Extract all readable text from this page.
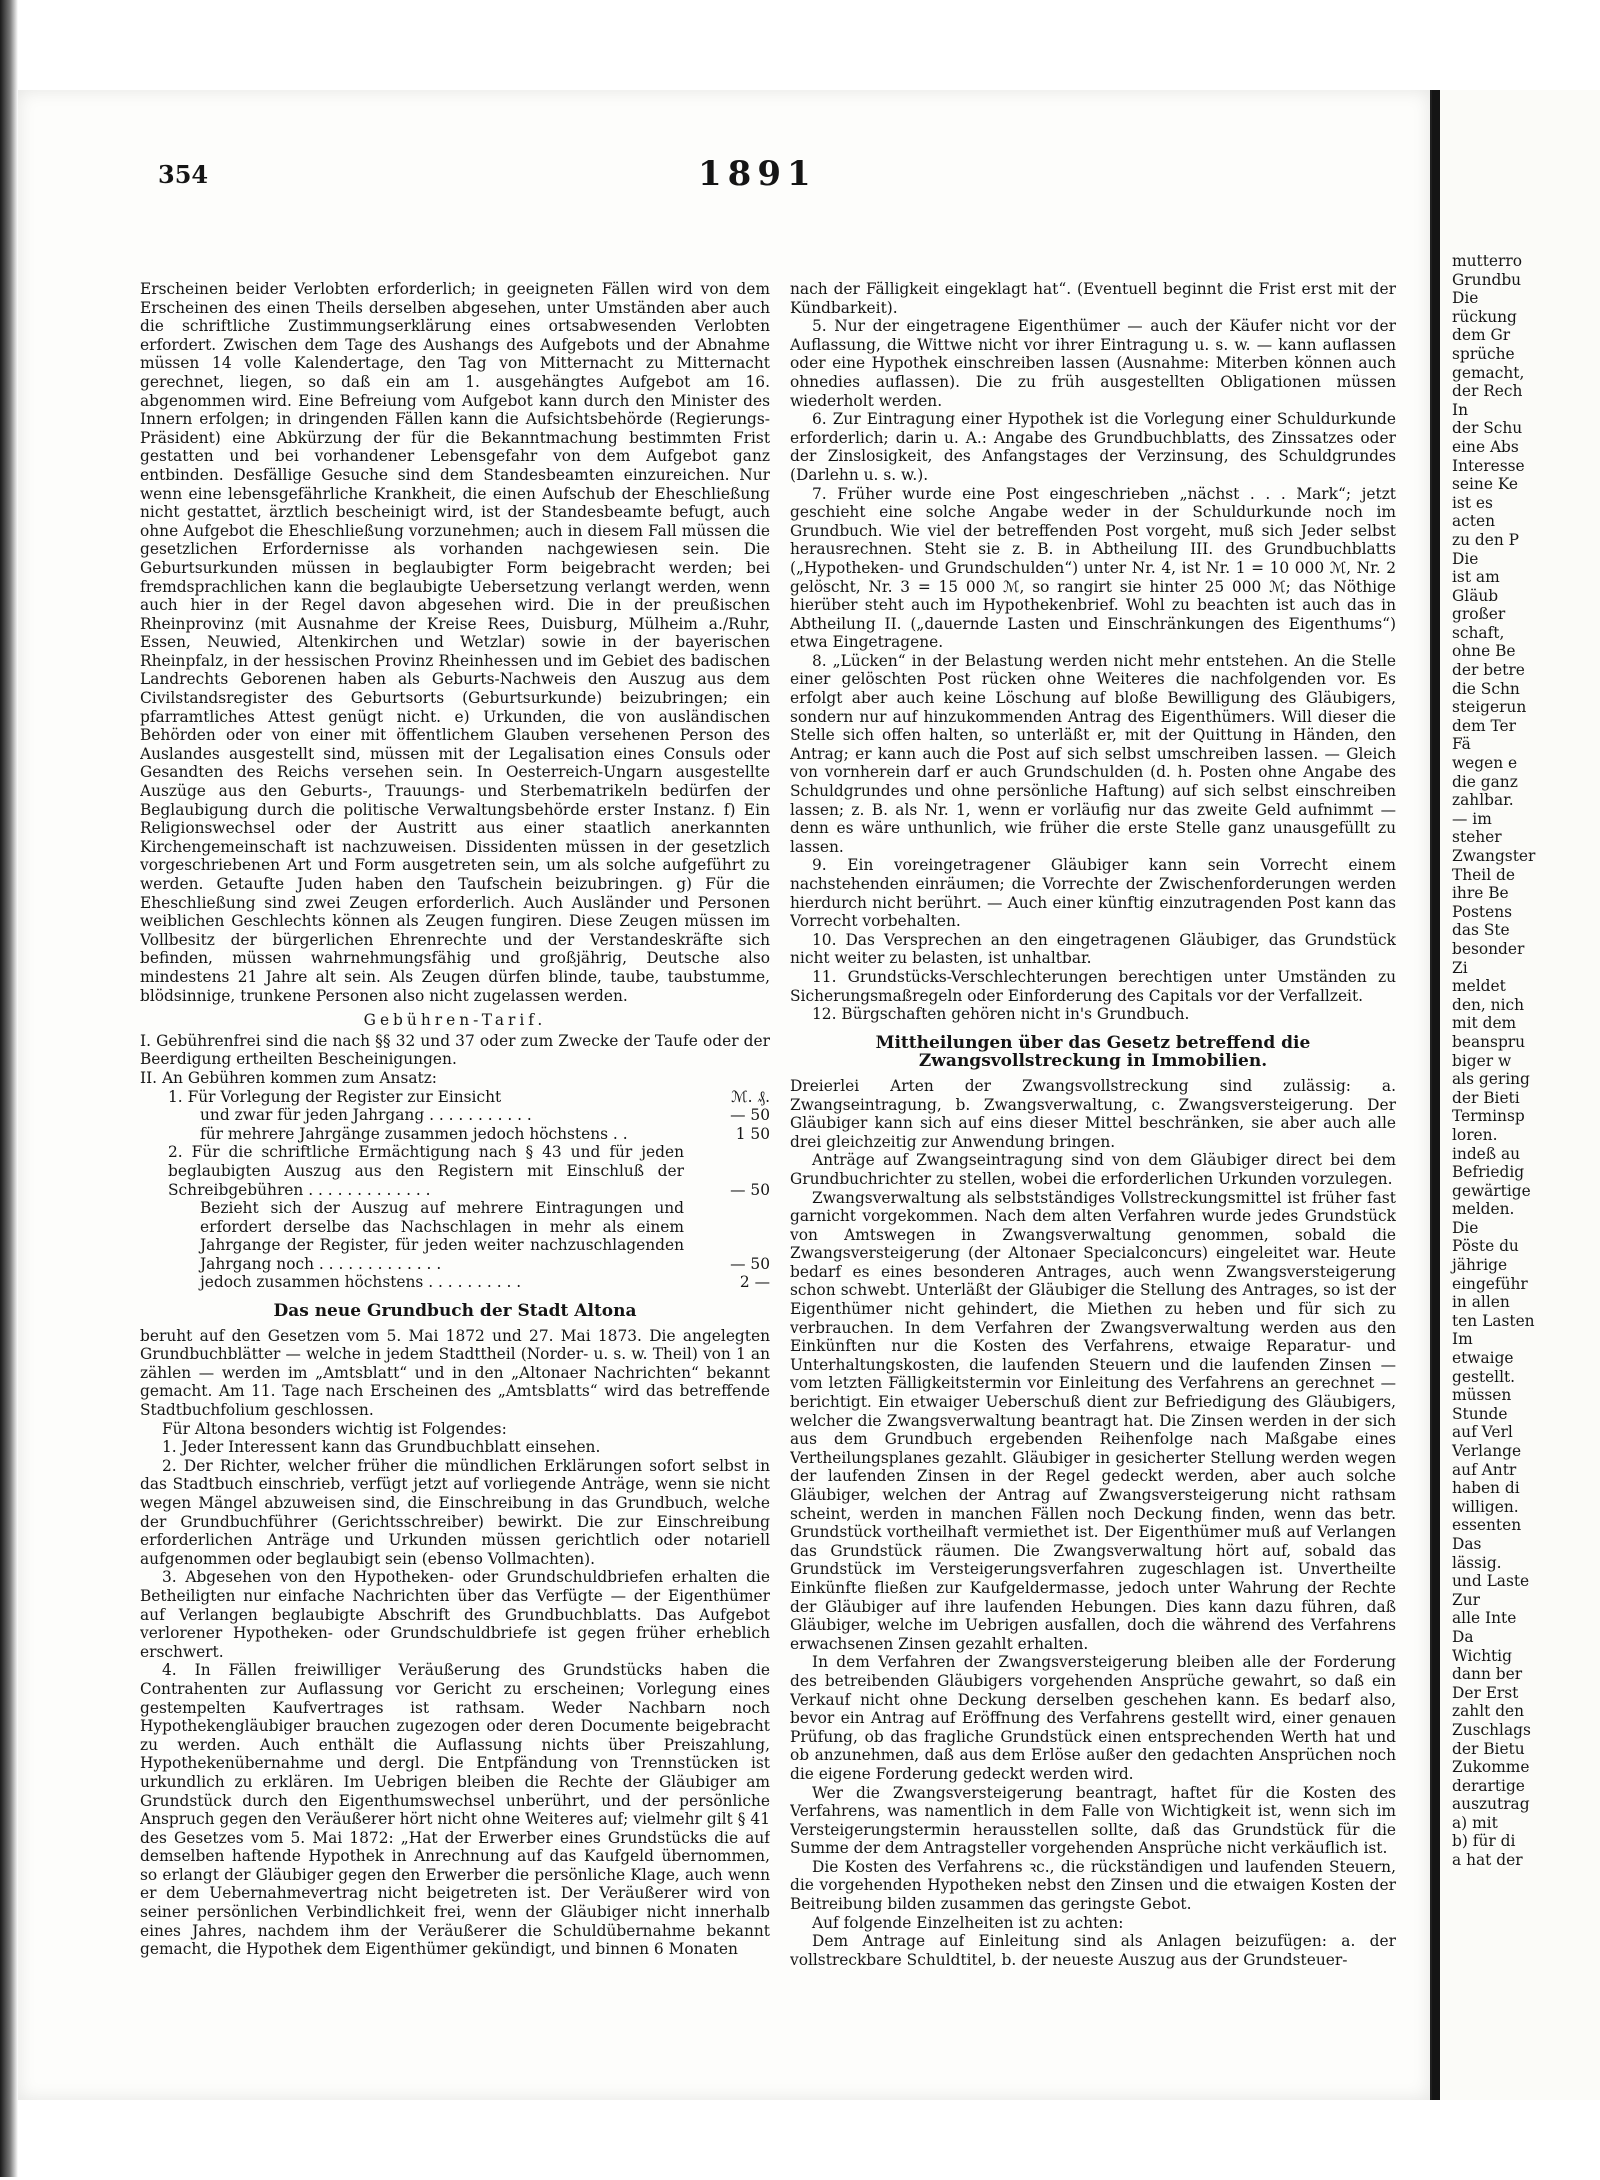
354	1891

Erscheinen beider Verlobten erforderlich; in geeigneten Fällen wird von dem Erscheinen des einen Theils derselben abgesehen, unter Umständen aber auch die schriftliche Zustimmungserklärung eines ortsabwesenden Verlobten erfordert. Zwischen dem Tage des Aushangs des Aufgebots und der Abnahme müssen 14 volle Kalendertage, den Tag von Mitternacht zu Mitternacht gerechnet, liegen, so daß ein am 1. ausgehängtes Aufgebot am 16. abgenommen wird. Eine Befreiung vom Aufgebot kann durch den Minister des Innern erfolgen; in dringenden Fällen kann die Aufsichtsbehörde (Regierungs-Präsident) eine Abkürzung der für die Bekanntmachung bestimmten Frist gestatten und bei vorhandener Lebensgefahr von dem Aufgebot ganz entbinden. Desfällige Gesuche sind dem Standesbeamten einzureichen. Nur wenn eine lebensgefährliche Krankheit, die einen Aufschub der Eheschließung nicht gestattet, ärztlich bescheinigt wird, ist der Standesbeamte befugt, auch ohne Aufgebot die Eheschließung vorzunehmen; auch in diesem Fall müssen die gesetzlichen Erfordernisse als vorhanden nachgewiesen sein. Die Geburtsurkunden müssen in beglaubigter Form beigebracht werden; bei fremdsprachlichen kann die beglaubigte Uebersetzung verlangt werden, wenn auch hier in der Regel davon abgesehen wird. Die in der preußischen Rheinprovinz (mit Ausnahme der Kreise Rees, Duisburg, Mülheim a./Ruhr, Essen, Neuwied, Altenkirchen und Wetzlar) sowie in der bayerischen Rheinpfalz, in der hessischen Provinz Rheinhessen und im Gebiet des badischen Landrechts Geborenen haben als Geburts-Nachweis den Auszug aus dem Civilstandsregister des Geburtsorts (Geburtsurkunde) beizubringen; ein pfarramtliches Attest genügt nicht. e) Urkunden, die von ausländischen Behörden oder von einer mit öffentlichem Glauben versehenen Person des Auslandes ausgestellt sind, müssen mit der Legalisation eines Consuls oder Gesandten des Reichs versehen sein. In Oesterreich-Ungarn ausgestellte Auszüge aus den Geburts-, Trauungs- und Sterbematrikeln bedürfen der Beglaubigung durch die politische Verwaltungsbehörde erster Instanz. f) Ein Religionswechsel oder der Austritt aus einer staatlich anerkannten Kirchengemeinschaft ist nachzuweisen. Dissidenten müssen in der gesetzlich vorgeschriebenen Art und Form ausgetreten sein, um als solche aufgeführt zu werden. Getaufte Juden haben den Taufschein beizubringen. g) Für die Eheschließung sind zwei Zeugen erforderlich. Auch Ausländer und Personen weiblichen Geschlechts können als Zeugen fungiren. Diese Zeugen müssen im Vollbesitz der bürgerlichen Ehrenrechte und der Verstandeskräfte sich befinden, müssen wahrnehmungsfähig und großjährig, Deutsche also mindestens 21 Jahre alt sein. Als Zeugen dürfen blinde, taube, taubstumme, blödsinnige, trunkene Personen also nicht zugelassen werden.

Gebühren-Tarif.

I. Gebührenfrei sind die nach §§ 32 und 37 oder zum Zwecke der Taufe oder der Beerdigung ertheilten Bescheinigungen.

II. An Gebühren kommen zum Ansatz:

1. Für Vorlegung der Register zur Einsicht	ℳ. ₰.
und zwar für jeden Jahrgang . . . . . . . . . . .	— 50
für mehrere Jahrgänge zusammen jedoch höchstens . .	1 50
2. Für die schriftliche Ermächtigung nach § 43 und für jeden beglaubigten Auszug aus den Registern mit Einschluß der Schreibgebühren . . . . . . . . . . . . .	— 50
Bezieht sich der Auszug auf mehrere Eintragungen und erfordert derselbe das Nachschlagen in mehr als einem Jahrgange der Register, für jeden weiter nachzuschlagenden Jahrgang noch . . . . . . . . . . . . .	— 50
jedoch zusammen höchstens . . . . . . . . . .	2 —
Das neue Grundbuch der Stadt Altona

beruht auf den Gesetzen vom 5. Mai 1872 und 27. Mai 1873. Die angelegten Grundbuchblätter — welche in jedem Stadttheil (Norder- u. s. w. Theil) von 1 an zählen — werden im „Amtsblatt“ und in den „Altonaer Nachrichten“ bekannt gemacht. Am 11. Tage nach Erscheinen des „Amtsblatts“ wird das betreffende Stadtbuchfolium geschlossen.

Für Altona besonders wichtig ist Folgendes:

1. Jeder Interessent kann das Grundbuchblatt einsehen.

2. Der Richter, welcher früher die mündlichen Erklärungen sofort selbst in das Stadtbuch einschrieb, verfügt jetzt auf vorliegende Anträge, wenn sie nicht wegen Mängel abzuweisen sind, die Einschreibung in das Grundbuch, welche der Grundbuchführer (Gerichtsschreiber) bewirkt. Die zur Einschreibung erforderlichen Anträge und Urkunden müssen gerichtlich oder notariell aufgenommen oder beglaubigt sein (ebenso Vollmachten).

3. Abgesehen von den Hypotheken- oder Grundschuldbriefen erhalten die Betheiligten nur einfache Nachrichten über das Verfügte — der Eigenthümer auf Verlangen beglaubigte Abschrift des Grundbuchblatts. Das Aufgebot verlorener Hypotheken- oder Grundschuldbriefe ist gegen früher erheblich erschwert.

4. In Fällen freiwilliger Veräußerung des Grundstücks haben die Contrahenten zur Auflassung vor Gericht zu erscheinen; Vorlegung eines gestempelten Kaufvertrages ist rathsam. Weder Nachbarn noch Hypothekengläubiger brauchen zugezogen oder deren Documente beigebracht zu werden. Auch enthält die Auflassung nichts über Preiszahlung, Hypothekenübernahme und dergl. Die Entpfändung von Trennstücken ist urkundlich zu erklären. Im Uebrigen bleiben die Rechte der Gläubiger am Grundstück durch den Eigenthumswechsel unberührt, und der persönliche Anspruch gegen den Veräußerer hört nicht ohne Weiteres auf; vielmehr gilt § 41 des Gesetzes vom 5. Mai 1872: „Hat der Erwerber eines Grundstücks die auf demselben haftende Hypothek in Anrechnung auf das Kaufgeld übernommen, so erlangt der Gläubiger gegen den Erwerber die persönliche Klage, auch wenn er dem Uebernahmevertrag nicht beigetreten ist. Der Veräußerer wird von seiner persönlichen Verbindlichkeit frei, wenn der Gläubiger nicht innerhalb eines Jahres, nachdem ihm der Veräußerer die Schuldübernahme bekannt gemacht, die Hypothek dem Eigenthümer gekündigt, und binnen 6 Monaten

nach der Fälligkeit eingeklagt hat“. (Eventuell beginnt die Frist erst mit der Kündbarkeit).

5. Nur der eingetragene Eigenthümer — auch der Käufer nicht vor der Auflassung, die Wittwe nicht vor ihrer Eintragung u. s. w. — kann auflassen oder eine Hypothek einschreiben lassen (Ausnahme: Miterben können auch ohnedies auflassen). Die zu früh ausgestellten Obligationen müssen wiederholt werden.

6. Zur Eintragung einer Hypothek ist die Vorlegung einer Schuldurkunde erforderlich; darin u. A.: Angabe des Grundbuchblatts, des Zinssatzes oder der Zinslosigkeit, des Anfangstages der Verzinsung, des Schuldgrundes (Darlehn u. s. w.).

7. Früher wurde eine Post eingeschrieben „nächst . . . Mark“; jetzt geschieht eine solche Angabe weder in der Schuldurkunde noch im Grundbuch. Wie viel der betreffenden Post vorgeht, muß sich Jeder selbst herausrechnen. Steht sie z. B. in Abtheilung III. des Grundbuchblatts („Hypotheken- und Grundschulden“) unter Nr. 4, ist Nr. 1 = 10 000 ℳ, Nr. 2 gelöscht, Nr. 3 = 15 000 ℳ, so rangirt sie hinter 25 000 ℳ; das Nöthige hierüber steht auch im Hypothekenbrief. Wohl zu beachten ist auch das in Abtheilung II. („dauernde Lasten und Einschränkungen des Eigenthums“) etwa Eingetragene.

8. „Lücken“ in der Belastung werden nicht mehr entstehen. An die Stelle einer gelöschten Post rücken ohne Weiteres die nachfolgenden vor. Es erfolgt aber auch keine Löschung auf bloße Bewilligung des Gläubigers, sondern nur auf hinzukommenden Antrag des Eigenthümers. Will dieser die Stelle sich offen halten, so unterläßt er, mit der Quittung in Händen, den Antrag; er kann auch die Post auf sich selbst umschreiben lassen. — Gleich von vornherein darf er auch Grundschulden (d. h. Posten ohne Angabe des Schuldgrundes und ohne persönliche Haftung) auf sich selbst einschreiben lassen; z. B. als Nr. 1, wenn er vorläufig nur das zweite Geld aufnimmt — denn es wäre unthunlich, wie früher die erste Stelle ganz unausgefüllt zu lassen.

9. Ein voreingetragener Gläubiger kann sein Vorrecht einem nachstehenden einräumen; die Vorrechte der Zwischenforderungen werden hierdurch nicht berührt. — Auch einer künftig einzutragenden Post kann das Vorrecht vorbehalten.

10. Das Versprechen an den eingetragenen Gläubiger, das Grundstück nicht weiter zu belasten, ist unhaltbar.

11. Grundstücks-Verschlechterungen berechtigen unter Umständen zu Sicherungsmaßregeln oder Einforderung des Capitals vor der Verfallzeit.

12. Bürgschaften gehören nicht in's Grundbuch.

Mittheilungen über das Gesetz betreffend die Zwangsvollstreckung in Immobilien.

Dreierlei Arten der Zwangsvollstreckung sind zulässig: a. Zwangseintragung, b. Zwangsverwaltung, c. Zwangsversteigerung. Der Gläubiger kann sich auf eins dieser Mittel beschränken, sie aber auch alle drei gleichzeitig zur Anwendung bringen.

Anträge auf Zwangseintragung sind von dem Gläubiger direct bei dem Grundbuchrichter zu stellen, wobei die erforderlichen Urkunden vorzulegen.

Zwangsverwaltung als selbstständiges Vollstreckungsmittel ist früher fast garnicht vorgekommen. Nach dem alten Verfahren wurde jedes Grundstück von Amtswegen in Zwangsverwaltung genommen, sobald die Zwangsversteigerung (der Altonaer Specialconcurs) eingeleitet war. Heute bedarf es eines besonderen Antrages, auch wenn Zwangsversteigerung schon schwebt. Unterläßt der Gläubiger die Stellung des Antrages, so ist der Eigenthümer nicht gehindert, die Miethen zu heben und für sich zu verbrauchen. In dem Verfahren der Zwangsverwaltung werden aus den Einkünften nur die Kosten des Verfahrens, etwaige Reparatur- und Unterhaltungskosten, die laufenden Steuern und die laufenden Zinsen — vom letzten Fälligkeitstermin vor Einleitung des Verfahrens an gerechnet — berichtigt. Ein etwaiger Ueberschuß dient zur Befriedigung des Gläubigers, welcher die Zwangsverwaltung beantragt hat. Die Zinsen werden in der sich aus dem Grundbuch ergebenden Reihenfolge nach Maßgabe eines Vertheilungsplanes gezahlt. Gläubiger in gesicherter Stellung werden wegen der laufenden Zinsen in der Regel gedeckt werden, aber auch solche Gläubiger, welchen der Antrag auf Zwangsversteigerung nicht rathsam scheint, werden in manchen Fällen noch Deckung finden, wenn das betr. Grundstück vortheilhaft vermiethet ist. Der Eigenthümer muß auf Verlangen das Grundstück räumen. Die Zwangsverwaltung hört auf, sobald das Grundstück im Versteigerungsverfahren zugeschlagen ist. Unvertheilte Einkünfte fließen zur Kaufgeldermasse, jedoch unter Wahrung der Rechte der Gläubiger auf ihre laufenden Hebungen. Dies kann dazu führen, daß Gläubiger, welche im Uebrigen ausfallen, doch die während des Verfahrens erwachsenen Zinsen gezahlt erhalten.

In dem Verfahren der Zwangsversteigerung bleiben alle der Forderung des betreibenden Gläubigers vorgehenden Ansprüche gewahrt, so daß ein Verkauf nicht ohne Deckung derselben geschehen kann. Es bedarf also, bevor ein Antrag auf Eröffnung des Verfahrens gestellt wird, einer genauen Prüfung, ob das fragliche Grundstück einen entsprechenden Werth hat und ob anzunehmen, daß aus dem Erlöse außer den gedachten Ansprüchen noch die eigene Forderung gedeckt werden wird.

Wer die Zwangsversteigerung beantragt, haftet für die Kosten des Verfahrens, was namentlich in dem Falle von Wichtigkeit ist, wenn sich im Versteigerungstermin herausstellen sollte, daß das Grundstück für die Summe der dem Antragsteller vorgehenden Ansprüche nicht verkäuflich ist.

Die Kosten des Verfahrens ꝛc., die rückständigen und laufenden Steuern, die vorgehenden Hypotheken nebst den Zinsen und die etwaigen Kosten der Beitreibung bilden zusammen das geringste Gebot.

Auf folgende Einzelheiten ist zu achten:

Dem Antrage auf Einleitung sind als Anlagen beizufügen: a. der vollstreckbare Schuldtitel, b. der neueste Auszug aus der Grundsteuer-

mutterro
Grundbu
Die
rückung
dem Gr
sprüche
gemacht,
der Rech
In
der Schu
eine Abs
Interesse
seine Ke
ist es
acten
zu den P
Die
ist am
Gläub
großer
schaft,
ohne Be
der betre
die Schn
steigerun
dem Ter
Fä
wegen e
die ganz
zahlbar.
— im
steher
Zwangster
Theil de
ihre Be
Postens
das Ste
besonder
Zi
meldet
den, nich
mit dem
beanspru
biger w
als gering
der Bieti
Terminsp
loren.
indeß au
Befriedig
gewärtige
melden.
Die
Pöste du
jährige
eingeführ
in allen
ten Lasten
Im
etwaige
gestellt.
müssen
Stunde
auf Verl
Verlange
auf Antr
haben di
willigen.
essenten
Das
lässig.
und Laste
Zur
alle Inte
Da
Wichtig
dann ber
Der Erst
zahlt den
Zuschlags
der Bietu
Zukomme
derartige
auszutrag
a) mit
b) für di
a hat der
